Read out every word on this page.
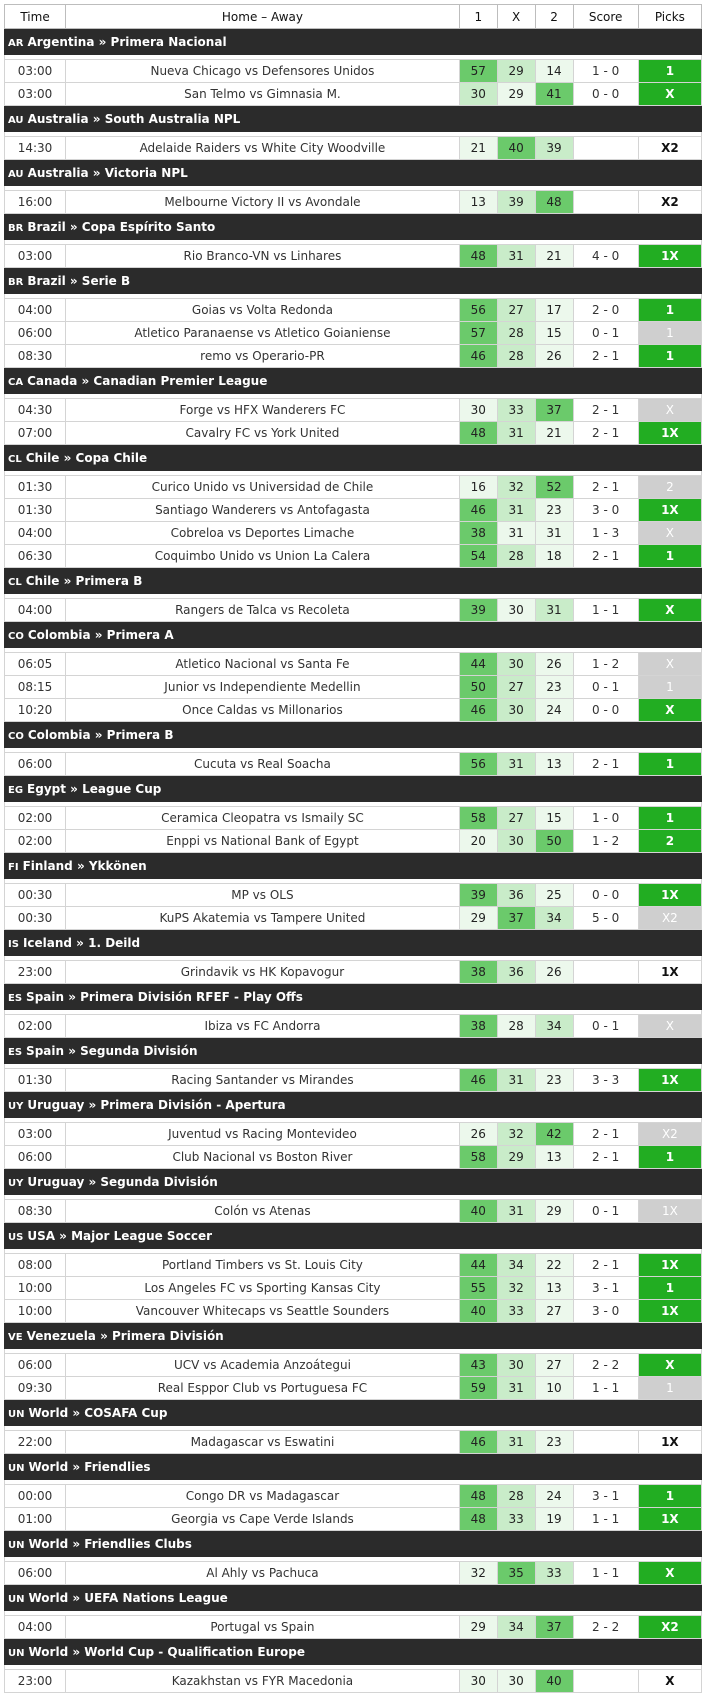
Time	Home – Away	1	X	2	Score	Picks
AR Argentina » Primera Nacional						

03:00	Nueva Chicago vs Defensores Unidos	57	29	14	1 - 0	1
03:00	San Telmo vs Gimnasia M.	30	29	41	0 - 0	X
AU Australia » South Australia NPL						

14:30	Adelaide Raiders vs White City Woodville	21	40	39		X2
AU Australia » Victoria NPL						

16:00	Melbourne Victory II vs Avondale	13	39	48		X2
BR Brazil » Copa Espírito Santo						

03:00	Rio Branco-VN vs Linhares	48	31	21	4 - 0	1X
BR Brazil » Serie B						

04:00	Goias vs Volta Redonda	56	27	17	2 - 0	1
06:00	Atletico Paranaense vs Atletico Goianiense	57	28	15	0 - 1	1
08:30	remo vs Operario-PR	46	28	26	2 - 1	1
CA Canada » Canadian Premier League						

04:30	Forge vs HFX Wanderers FC	30	33	37	2 - 1	X
07:00	Cavalry FC vs York United	48	31	21	2 - 1	1X
CL Chile » Copa Chile						

01:30	Curico Unido vs Universidad de Chile	16	32	52	2 - 1	2
01:30	Santiago Wanderers vs Antofagasta	46	31	23	3 - 0	1X
04:00	Cobreloa vs Deportes Limache	38	31	31	1 - 3	X
06:30	Coquimbo Unido vs Union La Calera	54	28	18	2 - 1	1
CL Chile » Primera B						

04:00	Rangers de Talca vs Recoleta	39	30	31	1 - 1	X
CO Colombia » Primera A						

06:05	Atletico Nacional vs Santa Fe	44	30	26	1 - 2	X
08:15	Junior vs Independiente Medellin	50	27	23	0 - 1	1
10:20	Once Caldas vs Millonarios	46	30	24	0 - 0	X
CO Colombia » Primera B						

06:00	Cucuta vs Real Soacha	56	31	13	2 - 1	1
EG Egypt » League Cup						

02:00	Ceramica Cleopatra vs Ismaily SC	58	27	15	1 - 0	1
02:00	Enppi vs National Bank of Egypt	20	30	50	1 - 2	2
FI Finland » Ykkönen						

00:30	MP vs OLS	39	36	25	0 - 0	1X
00:30	KuPS Akatemia vs Tampere United	29	37	34	5 - 0	X2
IS Iceland » 1. Deild						

23:00	Grindavik vs HK Kopavogur	38	36	26		1X
ES Spain » Primera División RFEF - Play Offs						

02:00	Ibiza vs FC Andorra	38	28	34	0 - 1	X
ES Spain » Segunda División						

01:30	Racing Santander vs Mirandes	46	31	23	3 - 3	1X
UY Uruguay » Primera División - Apertura						

03:00	Juventud vs Racing Montevideo	26	32	42	2 - 1	X2
06:00	Club Nacional vs Boston River	58	29	13	2 - 1	1
UY Uruguay » Segunda División						

08:30	Colón vs Atenas	40	31	29	0 - 1	1X
US USA » Major League Soccer						

08:00	Portland Timbers vs St. Louis City	44	34	22	2 - 1	1X
10:00	Los Angeles FC vs Sporting Kansas City	55	32	13	3 - 1	1
10:00	Vancouver Whitecaps vs Seattle Sounders	40	33	27	3 - 0	1X
VE Venezuela » Primera División						

06:00	UCV vs Academia Anzoátegui	43	30	27	2 - 2	X
09:30	Real Esppor Club vs Portuguesa FC	59	31	10	1 - 1	1
UN World » COSAFA Cup						

22:00	Madagascar vs Eswatini	46	31	23		1X
UN World » Friendlies						

00:00	Congo DR vs Madagascar	48	28	24	3 - 1	1
01:00	Georgia vs Cape Verde Islands	48	33	19	1 - 1	1X
UN World » Friendlies Clubs						

06:00	Al Ahly vs Pachuca	32	35	33	1 - 1	X
UN World » UEFA Nations League						

04:00	Portugal vs Spain	29	34	37	2 - 2	X2
UN World » World Cup - Qualification Europe						

23:00	Kazakhstan vs FYR Macedonia	30	30	40		X
